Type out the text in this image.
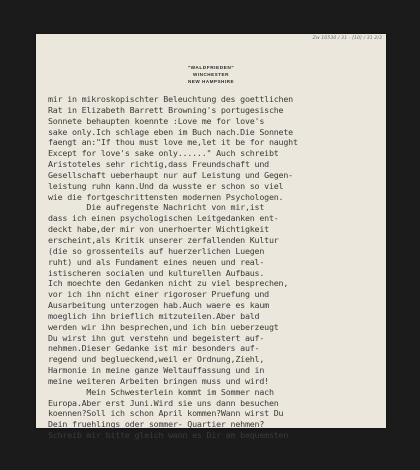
Zw 10530 / 31 - [10] / 31 2/3
"WALDFRIEDEN"
WINCHESTER
NEW HAMPSHIRE
mir in mikroskopischter Beleuchtung des goettlichen
Rat in Elizabeth Barrett Browning's portugesische
Sonnete behaupten koennte :Love me for love's
sake only.Ich schlage eben im Buch nach.Die Sonnete
faengt an:"If thou must love me,let it be for naught
Except for love's sake only......" Auch schreibt
Aristoteles sehr richtig,dass Freundschaft und
Gesellschaft ueberhaupt nur auf Leistung und Gegen-
leistung ruhn kann.Und da wusste er schon so viel
wie die fortgeschrittensten modernen Psychologen.
Die aufregenste Nachricht von mir,ist
dass ich einen psychologischen Leitgedanken ent-
deckt habe,der mir von unerhoerter Wichtigkeit
erscheint,als Kritik unserer zerfallenden Kultur
(die so grossenteils auf huerzerlichen Luegen
ruht) und als Fundament eines neuen und real-
istischeren socialen und kulturellen Aufbaus.
Ich moechte den Gedanken nicht zu viel besprechen,
vor ich ihn nicht einer rigoroser Pruefung und
Ausarbeitung unterzogen hab.Auch waere es kaum
moeglich ihn brieflich mitzuteilen.Aber bald
werden wir ihn besprechen,und ich bin ueberzeugt
Du wirst ihn gut verstehn und begeistert auf-
nehmen.Dieser Gedanke ist mir besonders auf-
regend und beglueckend,weil er Ordnung,Ziehl,
Harmonie in meine ganze Weltauffassung und in
meine weiteren Arbeiten bringen muss und wird!
Mein Schwesterlein kommt im Sommer nach
Europa.Aber erst Juni.Wird sie uns dann besuchen
koennen?Soll ich schon April kommen?Wann wirst Du
Dein fruehlings oder sommer- Quartier nehmen?
Schreib mir bitte gleich wann es Dir am bequemsten
